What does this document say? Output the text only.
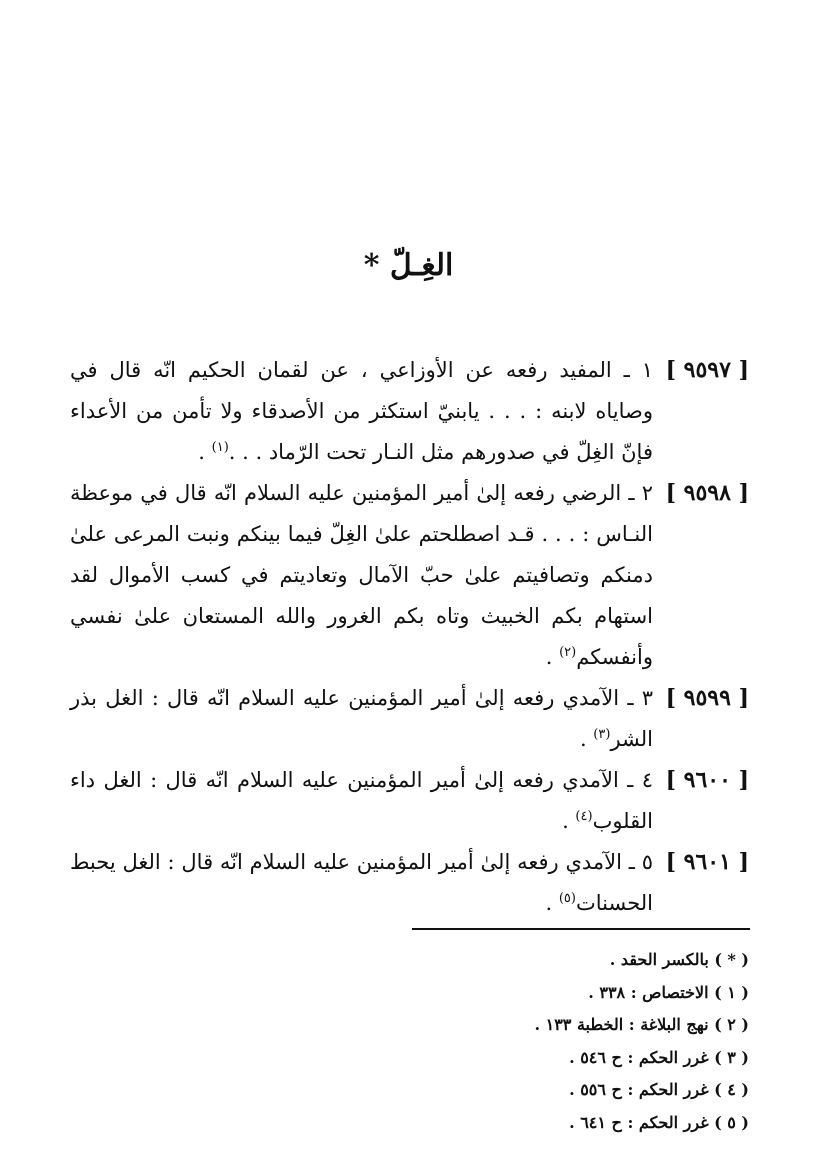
الغِـلّ *
[ ٩٥٩٧ ]
١ ـ المفيد رفعه عن الأوزاعي ، عن لقمان الحكيم انّه قال في وصاياه لابنه : . . . يابنيّ استكثر من الأصدقاء ولا تأمن من الأعداء فإنّ الغِلّ في صدورهم مثل النـار تحت الرّماد . . .$^{(١)}$ .
[ ٩٥٩٨ ]
٢ ـ الرضي رفعه إلىٰ أمير المؤمنين عليه السلام انّه قال في موعظة النـاس : . . . قـد اصطلحتم علىٰ الغِلّ فيما بينكم ونبت المرعى علىٰ دمنكم وتصافيتم علىٰ حبّ الآمال وتعاديتم في كسب الأموال لقد استهام بكم الخبيث وتاه بكم الغرور والله المستعان علىٰ نفسي وأنفسكم$^{(٢)}$ .
[ ٩٥٩٩ ]
٣ ـ الآمدي رفعه إلىٰ أمير المؤمنين عليه السلام انّه قال : الغل بذر الشر$^{(٣)}$ .
[ ٩٦٠٠ ]
٤ ـ الآمدي رفعه إلىٰ أمير المؤمنين عليه السلام انّه قال : الغل داء القلوب$^{(٤)}$ .
[ ٩٦٠١ ]
٥ ـ الآمدي رفعه إلىٰ أمير المؤمنين عليه السلام انّه قال : الغل يحبط الحسنات$^{(٥)}$ .
( * ) بالكسر الحقد .
( ١ ) الاختصاص : ٣٣٨ .
( ٢ ) نهج البلاغة : الخطبة ١٣٣ .
( ٣ ) غرر الحكم : ح ٥٤٦ .
( ٤ ) غرر الحكم : ح ٥٥٦ .
( ٥ ) غرر الحكم : ح ٦٤١ .
